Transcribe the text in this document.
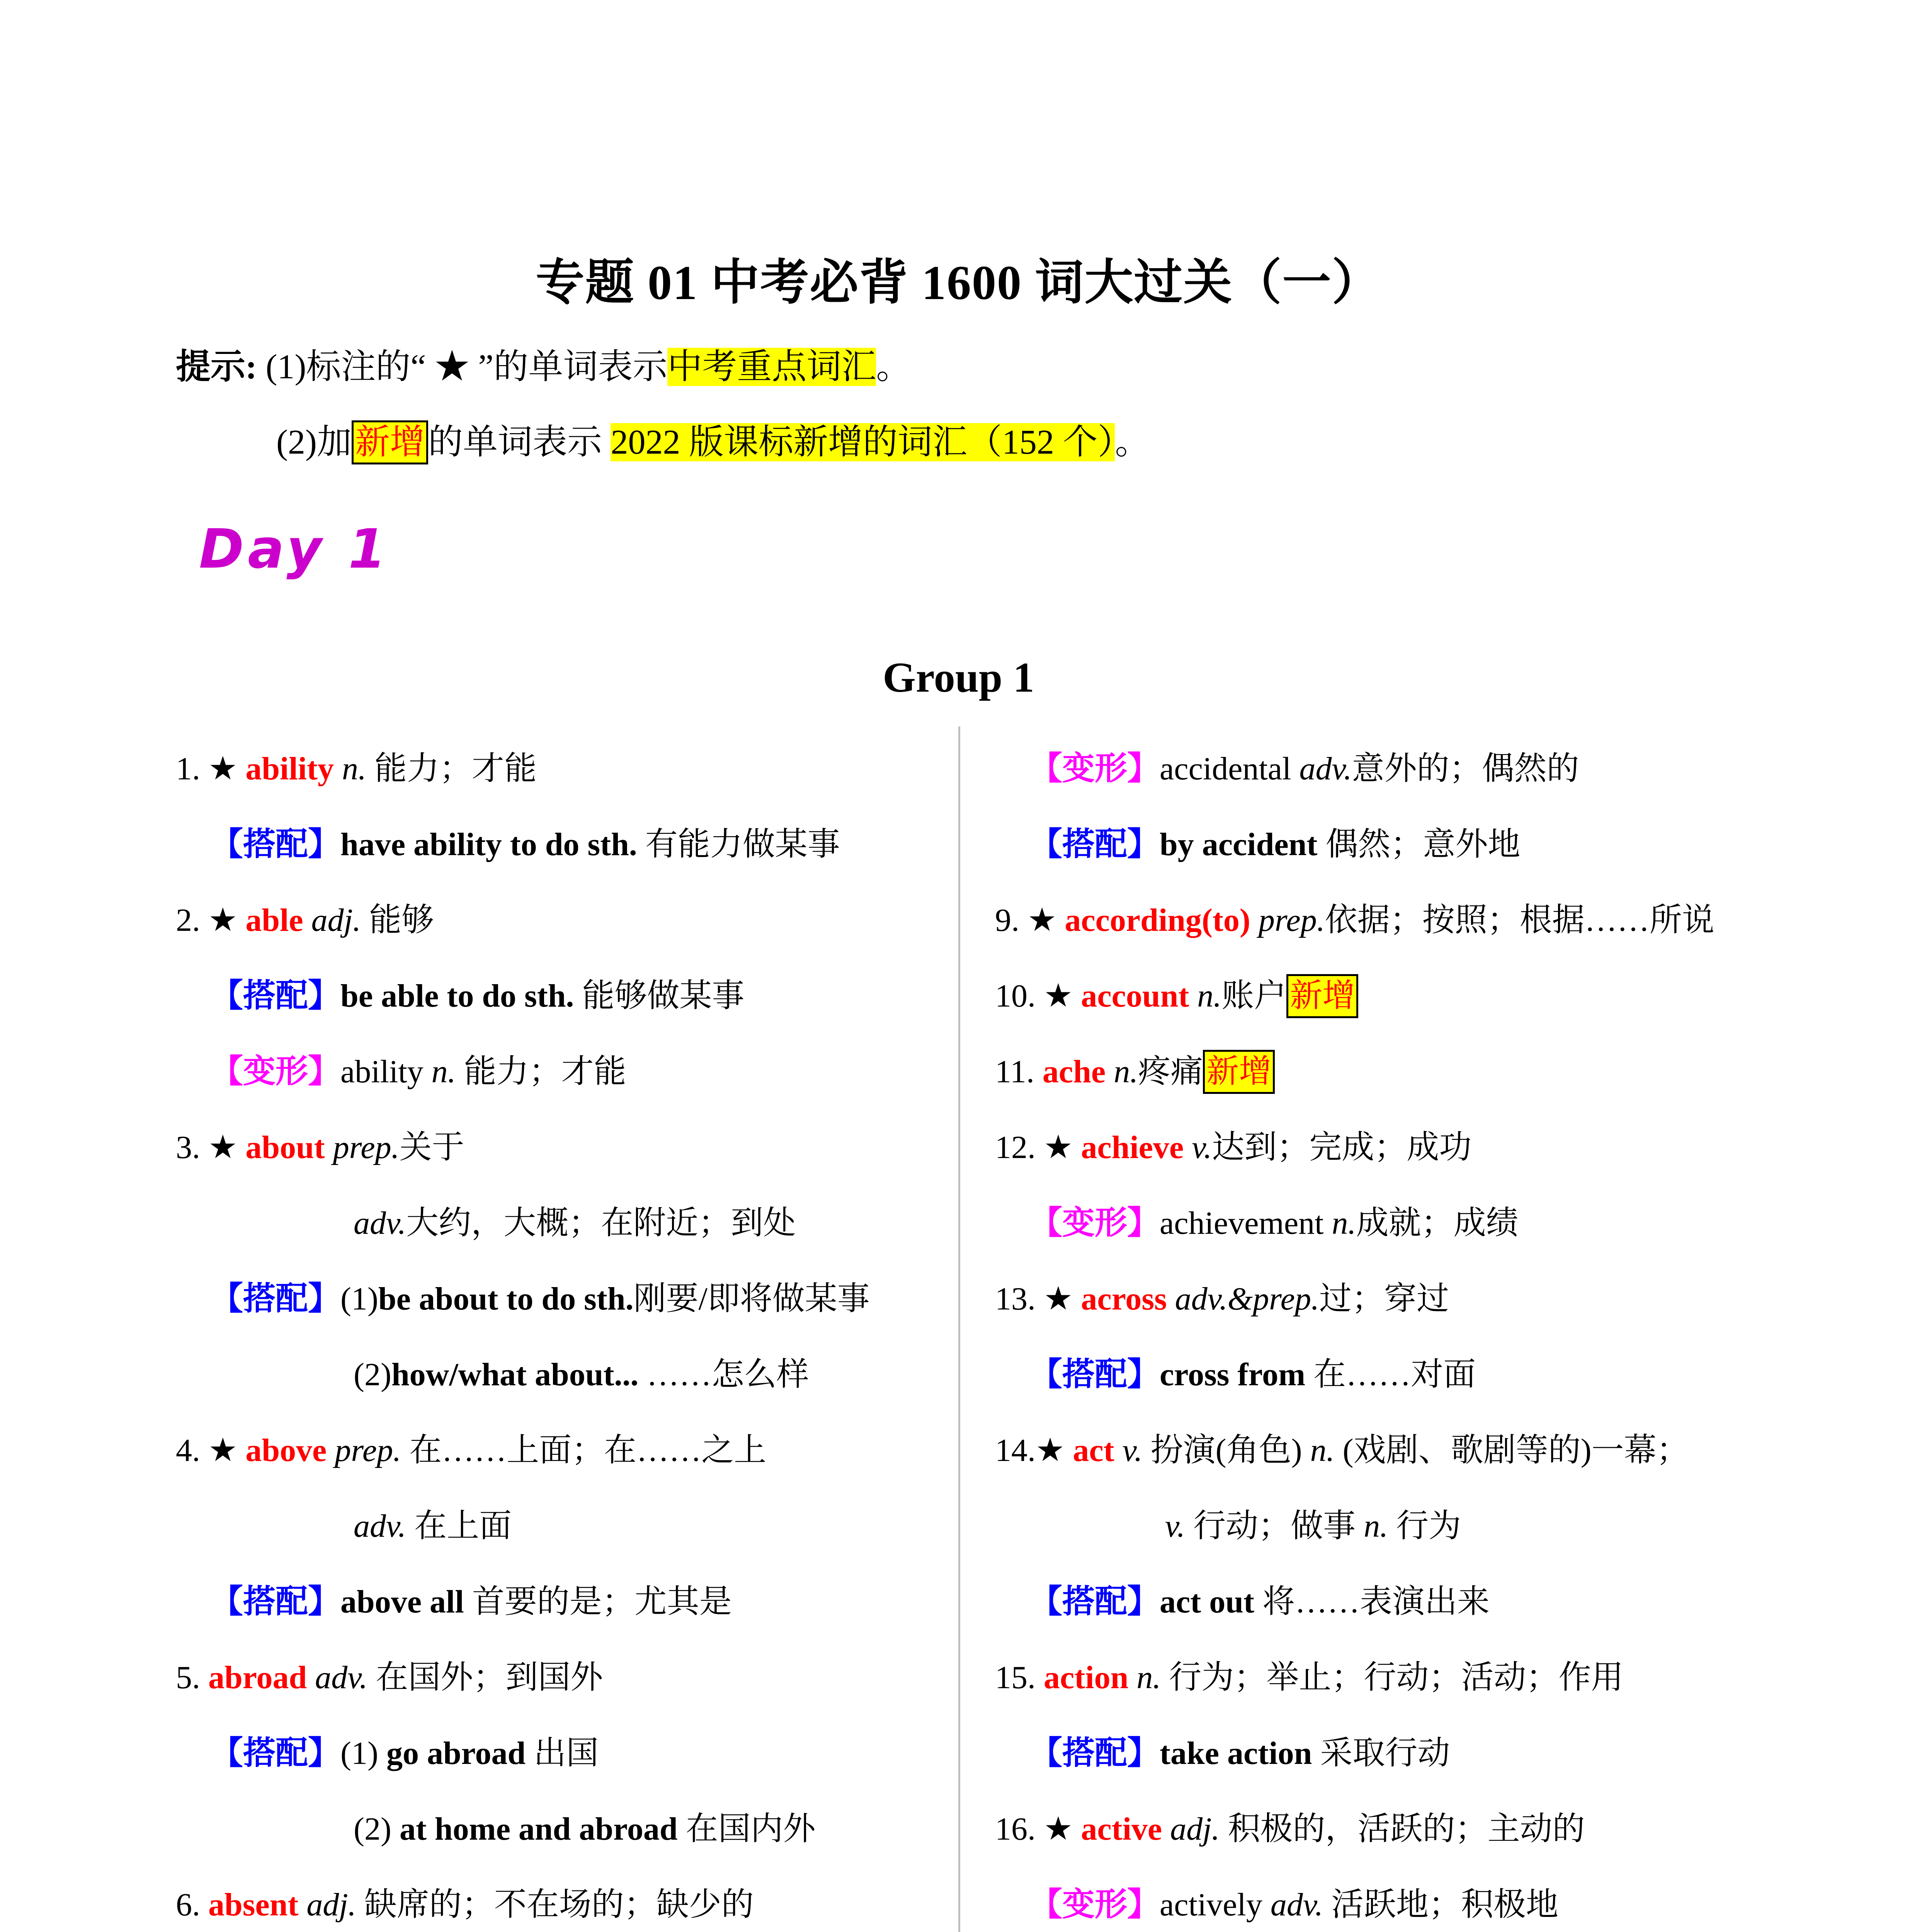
专题 01 中考必背 1600 词大过关（一）
提示: (1)标注的“ ★ ”的单词表示中考重点词汇。
(2)加 新增 的单词表示 2022 版课标新增的词汇（152 个）。
Day 1
Group 1
1. ★ ability n. 能力；才能
【搭配】have ability to do sth. 有能力做某事
2. ★ able adj. 能够
【搭配】be able to do sth. 能够做某事
【变形】ability n. 能力；才能
3. ★ about prep.关于
adv.大约，大概；在附近；到处
【搭配】(1)be about to do sth.刚要/即将做某事
(2)how/what about... ……怎么样
4. ★ above prep. 在……上面；在……之上
adv. 在上面
【搭配】above all 首要的是；尤其是
5. abroad adv. 在国外；到国外
【搭配】(1) go abroad 出国
(2) at home and abroad 在国内外
6. absent adj. 缺席的；不在场的；缺少的
【变形】accidental adv.意外的；偶然的
【搭配】by accident 偶然；意外地
9. ★ according(to) prep.依据；按照；根据……所说
10. ★ account n.账户 新增
11. ache n.疼痛 新增
12. ★ achieve v.达到；完成；成功
【变形】achievement n.成就；成绩
13. ★ across adv.&prep.过；穿过
【搭配】cross from 在……对面
14.★ act v. 扮演(角色) n. (戏剧、歌剧等的)一幕；
v. 行动；做事 n. 行为
【搭配】act out 将……表演出来
15. action n. 行为；举止；行动；活动；作用
【搭配】take action 采取行动
16. ★ active adj. 积极的，活跃的；主动的
【变形】actively adv. 活跃地；积极地
